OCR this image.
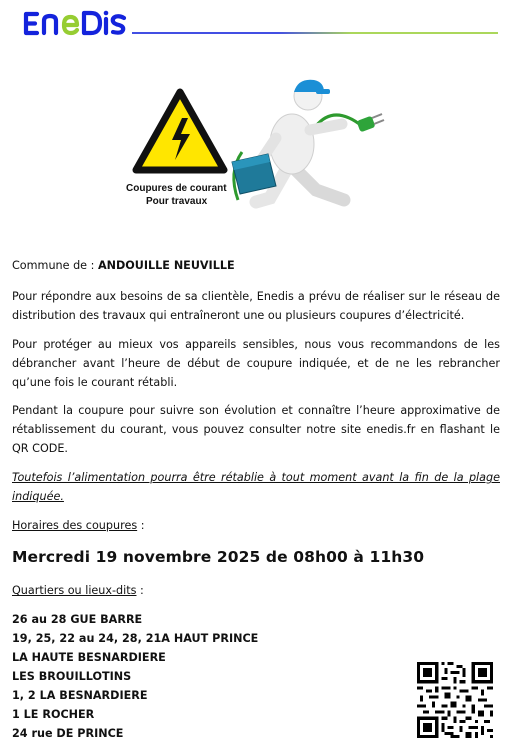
Coupures de courant
Pour travaux

Commune de : ANDOUILLE NEUVILLE

Pour répondre aux besoins de sa clientèle, Enedis a prévu de réaliser sur le réseau de distribution des travaux qui entraîneront une ou plusieurs coupures d’électricité.

Pour protéger au mieux vos appareils sensibles, nous vous recommandons de les débrancher avant l’heure de début de coupure indiquée, et de ne les rebrancher qu’une fois le courant rétabli.

Pendant la coupure pour suivre son évolution et connaître l’heure approximative de rétablissement du courant, vous pouvez consulter notre site enedis.fr en flashant le QR CODE.

Toutefois l’alimentation pourra être rétablie à tout moment avant la fin de la plage indiquée.

Horaires des coupures :

Mercredi 19 novembre 2025 de 08h00 à 11h30

Quartiers ou lieux-dits :

26 au 28 GUE BARRE
19, 25, 22 au 24, 28, 21A HAUT PRINCE
LA HAUTE BESNARDIERE
LES BROUILLOTINS
1, 2 LA BESNARDIERE
1 LE ROCHER
24 rue DE PRINCE
